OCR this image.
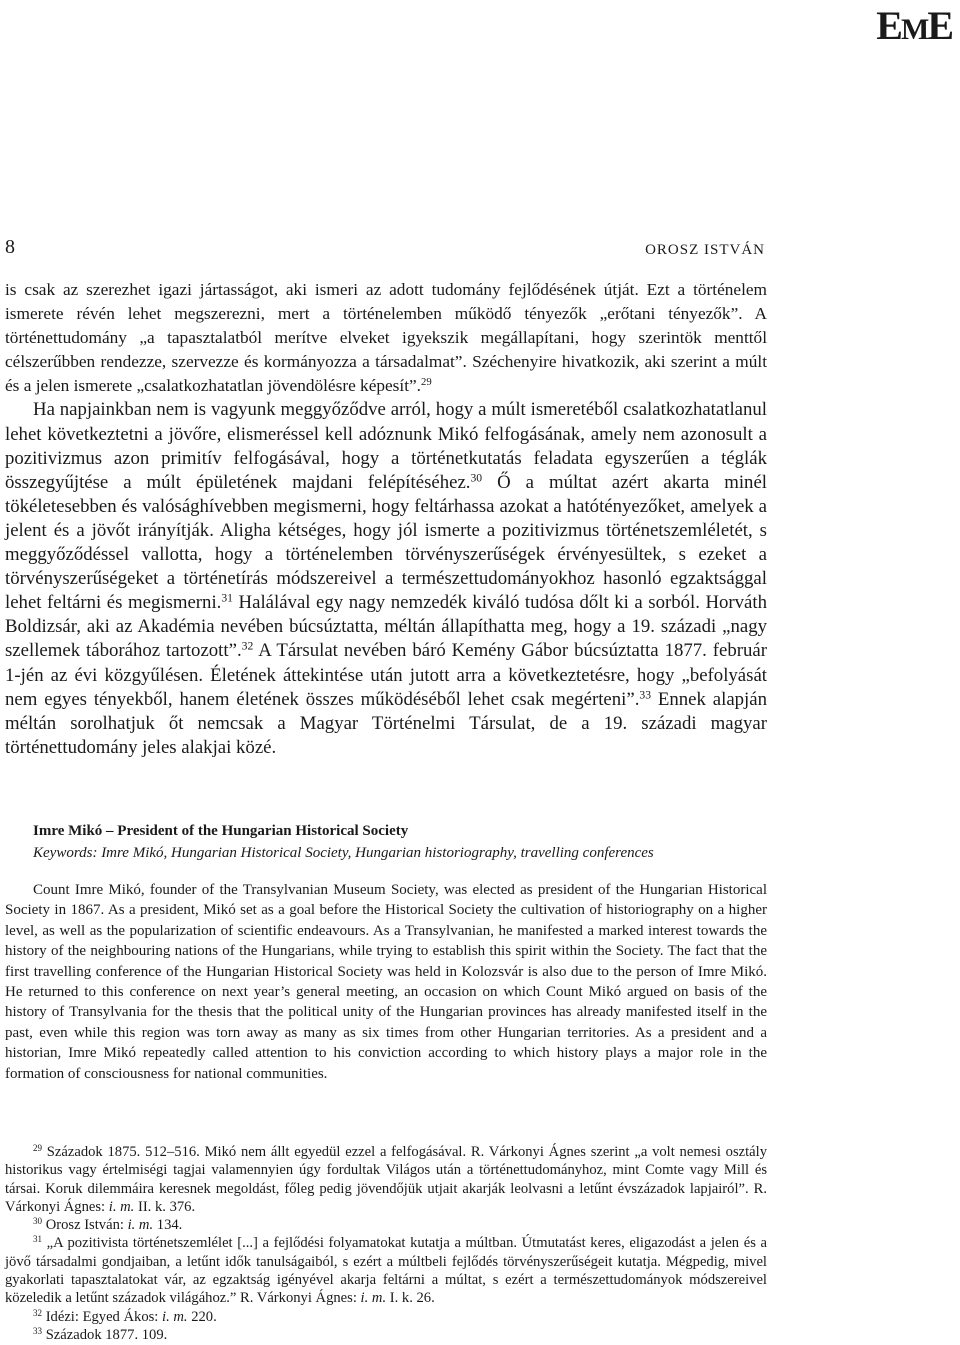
EME
8	OROSZ ISTVÁN

is csak az szerezhet igazi jártasságot, aki ismeri az adott tudomány fejlődésének útját. Ezt a történelem ismerete révén lehet megszerezni, mert a történelemben működő tényezők „erőtani tényezők”. A történettudomány „a tapasztalatból merítve elveket igyekszik megállapítani, hogy szerintök menttől célszerűbben rendezze, szervezze és kormányozza a társadalmat”. Széchenyire hivatkozik, aki szerint a múlt és a jelen ismerete „csalatkozhatatlan jövendölésre képesít”.$^{29}$

Ha napjainkban nem is vagyunk meggyőződve arról, hogy a múlt ismeretéből csalatkozhatatlanul lehet következtetni a jövőre, elismeréssel kell adóznunk Mikó felfogásának, amely nem azonosult a pozitivizmus azon primitív felfogásával, hogy a történetkutatás feladata egyszerűen a téglák összegyűjtése a múlt épületének majdani felépítéséhez.$^{30}$ Ő a múltat azért akarta minél tökéletesebben és valósághívebben megismerni, hogy feltárhassa azokat a hatótényezőket, amelyek a jelent és a jövőt irányítják. Aligha kétséges, hogy jól ismerte a pozitivizmus történetszemléletét, s meggyőződéssel vallotta, hogy a történelemben törvényszerűségek érvényesültek, s ezeket a törvényszerűségeket a történetírás módszereivel a természettudományokhoz hasonló egzaktsággal lehet feltárni és megismerni.$^{31}$ Halálával egy nagy nemzedék kiváló tudósa dőlt ki a sorból. Horváth Boldizsár, aki az Akadémia nevében búcsúztatta, méltán állapíthatta meg, hogy a 19. századi „nagy szellemek táborához tartozott”.$^{32}$ A Társulat nevében báró Kemény Gábor búcsúztatta 1877. február 1-jén az évi közgyűlésen. Életének áttekintése után jutott arra a következtetésre, hogy „befolyását nem egyes tényekből, hanem életének összes működéséből lehet csak megérteni”.$^{33}$ Ennek alapján méltán sorolhatjuk őt nemcsak a Magyar Történelmi Társulat, de a 19. századi magyar történettudomány jeles alakjai közé.

Imre Mikó – President of the Hungarian Historical Society
Keywords: Imre Mikó, Hungarian Historical Society, Hungarian historiography, travelling conferences
Count Imre Mikó, founder of the Transylvanian Museum Society, was elected as president of the Hungarian Historical Society in 1867. As a president, Mikó set as a goal before the Historical Society the cultivation of historiography on a higher level, as well as the popularization of scientific endeavours. As a Transylvanian, he manifested a marked interest towards the history of the neighbouring nations of the Hungarians, while trying to establish this spirit within the Society. The fact that the first travelling conference of the Hungarian Historical Society was held in Kolozsvár is also due to the person of Imre Mikó. He returned to this conference on next year’s general meeting, an occasion on which Count Mikó argued on basis of the history of Transylvania for the thesis that the political unity of the Hungarian provinces has already manifested itself in the past, even while this region was torn away as many as six times from other Hungarian territories. As a president and a historian, Imre Mikó repeatedly called attention to his conviction according to which history plays a major role in the formation of consciousness for national communities.

$^{29}$ Századok 1875. 512–516. Mikó nem állt egyedül ezzel a felfogásával. R. Várkonyi Ágnes szerint „a volt nemesi osztály historikus vagy értelmiségi tagjai valamennyien úgy fordultak Világos után a történettudományhoz, mint Comte vagy Mill és társai. Koruk dilemmáira keresnek megoldást, főleg pedig jövendőjük utjait akarják leolvasni a letűnt évszázadok lapjairól”. R. Várkonyi Ágnes: i. m. II. k. 376.

$^{30}$ Orosz István: i. m. 134.

$^{31}$ „A pozitivista történetszemlélet [...] a fejlődési folyamatokat kutatja a múltban. Útmutatást keres, eligazodást a jelen és a jövő társadalmi gondjaiban, a letűnt idők tanulságaiból, s ezért a múltbeli fejlődés törvényszerűségeit kutatja. Mégpedig, mivel gyakorlati tapasztalatokat vár, az egzaktság igényével akarja feltárni a múltat, s ezért a természettudományok módszereivel közeledik a letűnt századok világához.” R. Várkonyi Ágnes: i. m. I. k. 26.

$^{32}$ Idézi: Egyed Ákos: i. m. 220.

$^{33}$ Századok 1877. 109.
